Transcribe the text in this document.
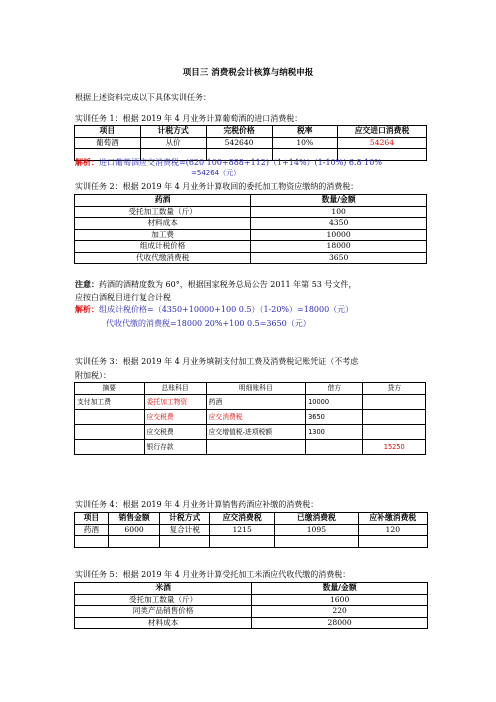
项目三 消费税会计核算与纳税申报
根据上述资料完成以下具体实训任务：
实训任务 1：根据 2019 年 4 月业务计算葡萄酒的进口消费税：
项目	计税方式	完税价格	税率	应交进口消费税
葡萄酒	从价	542640	10%	54264

解析：进口葡萄酒应交消费税=(620 100+888+112)（1+14%）(1-10%) 6.8 10%
=54264（元）
实训任务 2：根据 2019 年 4 月业务计算收回的委托加工物资应缴纳的消费税：
药酒	数量/金额
受托加工数量（斤）	100
材料成本	4350
加工费	10000
组成计税价格	18000
代收代缴消费税	3650
注意：药酒的酒精度数为 60°，根据国家税务总局公告 2011 年第 53 号文件，
应按白酒税目进行复合计税
解析：组成计税价格=（4350+10000+100 0.5）（1-20%）=18000（元）
代收代缴的消费税=18000 20%+100 0.5=3650（元）
实训任务 3：根据 2019 年 4 月业务填制支付加工费及消费税记账凭证（不考虑
附加税）：
摘要	总账科目	明细账科目	借方	贷方
支付加工费	委托加工物资	药酒	10000	
	应交税费	应交消费税	3650	
	应交税费	应交增值税-进项税额	1300	
	银行存款			15250
实训任务 4：根据 2019 年 4 月业务计算销售药酒应补缴的消费税：
项目	销售金额	计税方式	应交消费税	已缴消费税	应补缴消费税
药酒	6000	复合计税	1215	1095	120

实训任务 5：根据 2019 年 4 月业务计算受托加工米酒应代收代缴的消费税：
米酒	数量/金额
受托加工数量（斤）	1600
同类产品销售价格	220
材料成本	28000
